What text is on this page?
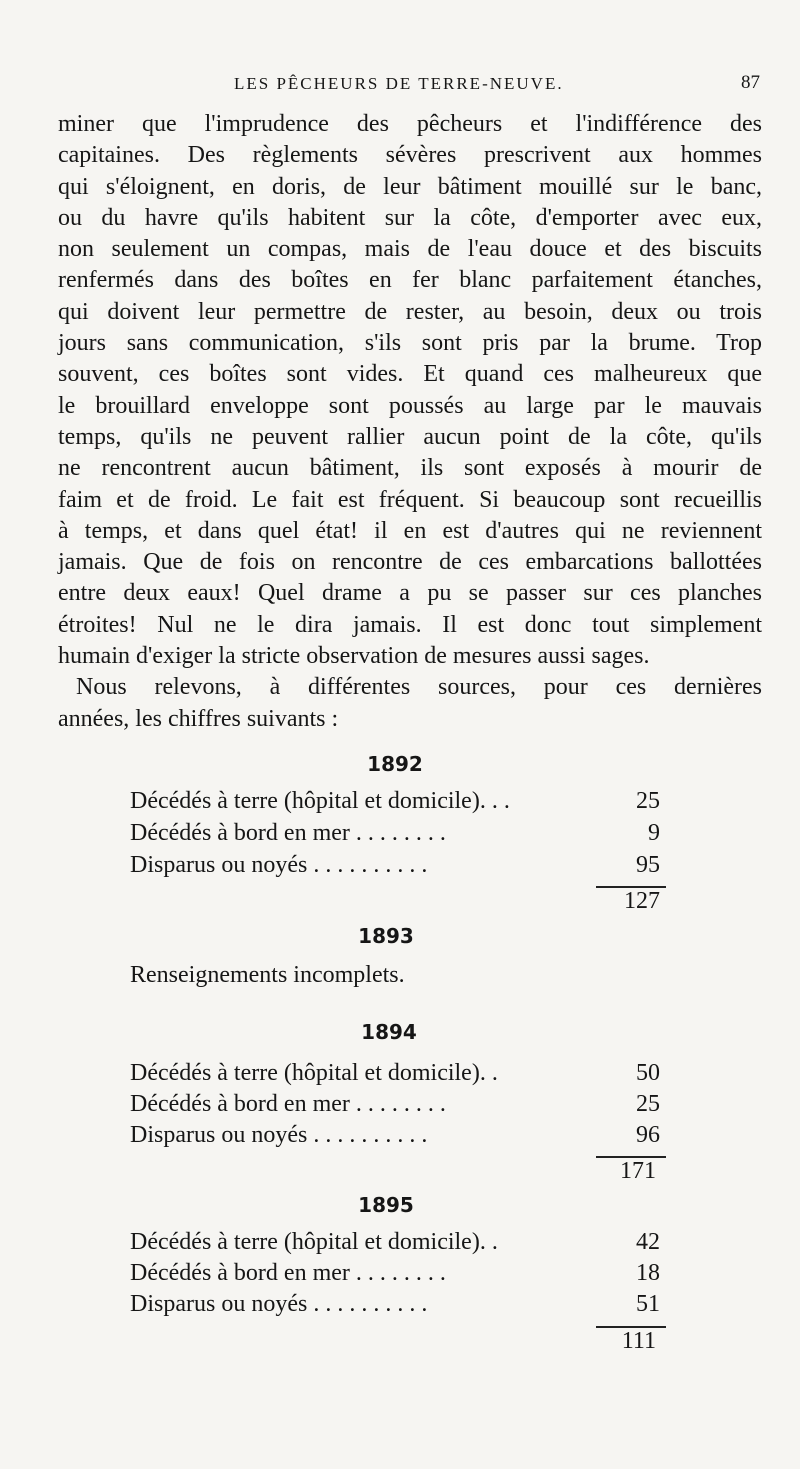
LES PÊCHEURS DE TERRE-NEUVE.	87
miner que l'imprudence des pêcheurs et l'indifférence des
capitaines. Des règlements sévères prescrivent aux hommes
qui s'éloignent, en doris, de leur bâtiment mouillé sur le banc,
ou du havre qu'ils habitent sur la côte, d'emporter avec eux,
non seulement un compas, mais de l'eau douce et des biscuits
renfermés dans des boîtes en fer blanc parfaitement étanches,
qui doivent leur permettre de rester, au besoin, deux ou trois
jours sans communication, s'ils sont pris par la brume. Trop
souvent, ces boîtes sont vides. Et quand ces malheureux que
le brouillard enveloppe sont poussés au large par le mauvais
temps, qu'ils ne peuvent rallier aucun point de la côte, qu'ils
ne rencontrent aucun bâtiment, ils sont exposés à mourir de
faim et de froid. Le fait est fréquent. Si beaucoup sont recueillis
à temps, et dans quel état! il en est d'autres qui ne reviennent
jamais. Que de fois on rencontre de ces embarcations ballottées
entre deux eaux! Quel drame a pu se passer sur ces planches
étroites! Nul ne le dira jamais. Il est donc tout simplement
humain d'exiger la stricte observation de mesures aussi sages.
Nous relevons, à différentes sources, pour ces dernières
années, les chiffres suivants :
1892
Décédés à terre (hôpital et domicile). . .	25
Décédés à bord en mer . . . . . . . .	9
Disparus ou noyés . . . . . . . . . .	95
127
1893
Renseignements incomplets.
1894
Décédés à terre (hôpital et domicile). .	50
Décédés à bord en mer . . . . . . . .	25
Disparus ou noyés . . . . . . . . . .	96
171
1895
Décédés à terre (hôpital et domicile). .	42
Décédés à bord en mer . . . . . . . .	18
Disparus ou noyés . . . . . . . . . .	51
111
